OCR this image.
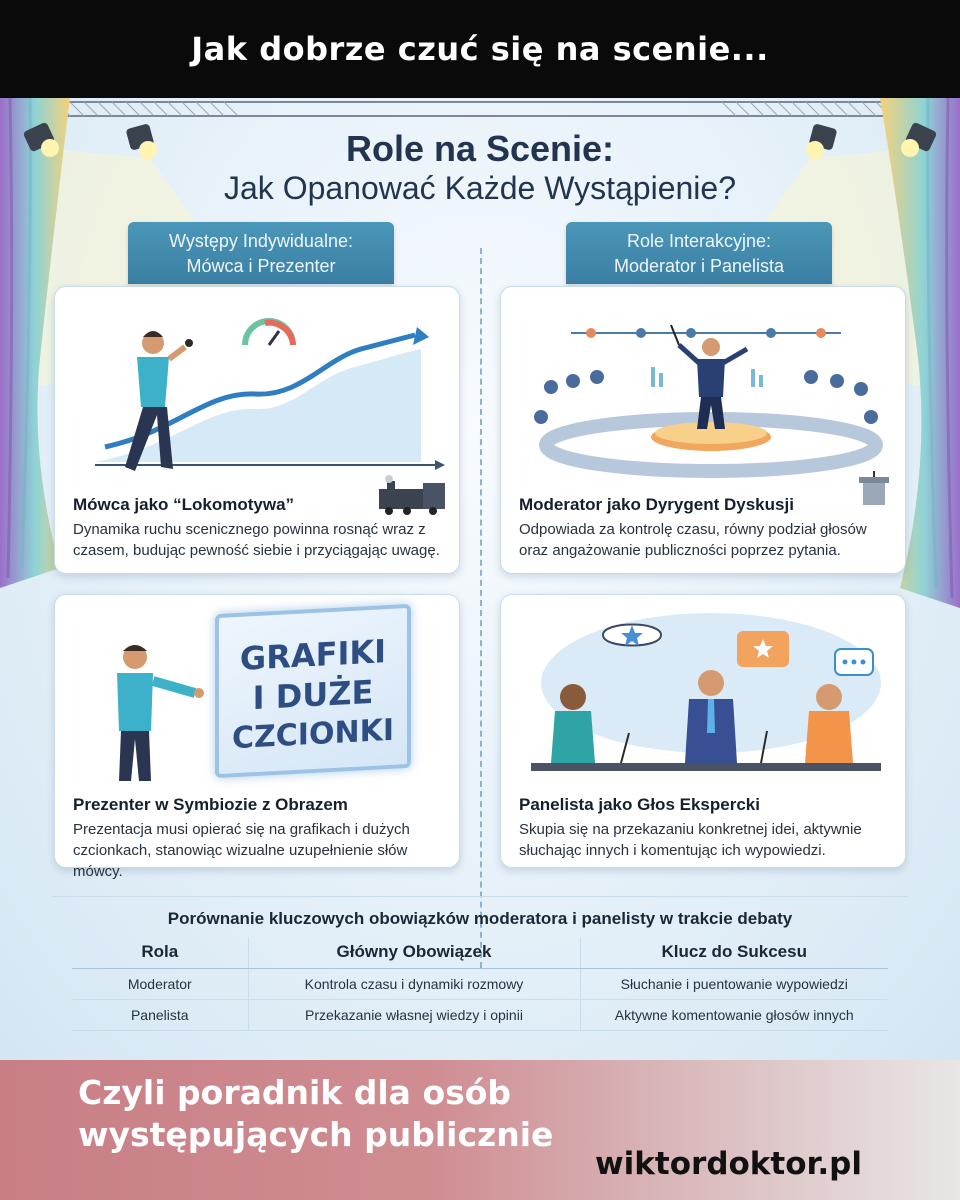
Jak dobrze czuć się na scenie...
Role na Scenie:
Jak Opanować Każde Wystąpienie?
Występy Indywidualne:
Mówca i Prezenter
Role Interakcyjne:
Moderator i Panelista
Mówca jako “Lokomotywa”
Dynamika ruchu scenicznego powinna rosnąć wraz z czasem, budując pewność siebie i przyciągając uwagę.
Moderator jako Dyrygent Dyskusji
Odpowiada za kontrolę czasu, równy podział głosów oraz angażowanie publiczności poprzez pytania.
GRAFIKI
I DUŻE
CZCIONKI
Prezenter w Symbiozie z Obrazem
Prezentacja musi opierać się na grafikach i dużych czcionkach, stanowiąc wizualne uzupełnienie słów mówcy.
Panelista jako Głos Ekspercki
Skupia się na przekazaniu konkretnej idei, aktywnie słuchając innych i komentując ich wypowiedzi.
Porównanie kluczowych obowiązków moderatora i panelisty w trakcie debaty
Rola	Główny Obowiązek	Klucz do Sukcesu
Moderator	Kontrola czasu i dynamiki rozmowy	Słuchanie i puentowanie wypowiedzi
Panelista	Przekazanie własnej wiedzy i opinii	Aktywne komentowanie głosów innych
Czyli poradnik dla osób
występujących publicznie
wiktordoktor.pl
